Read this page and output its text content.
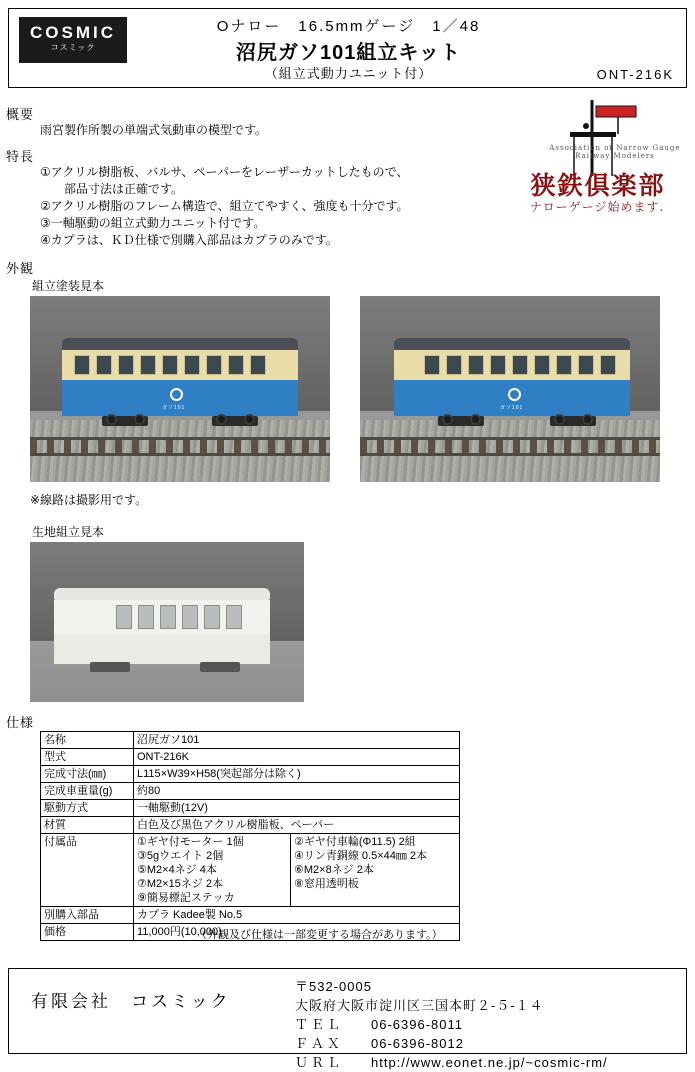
COSMIC
コスミック
Oナロー　16.5mmゲージ　1／48
沼尻ガソ101組立キット
（組立式動力ユニット付）	ONT-216K
概要
雨宮製作所製の単端式気動車の模型です。
特長
①アクリル樹脂板、バルサ、ペーパーをレーザーカットしたもので、
　　部品寸法は正確です。
②アクリル樹脂のフレーム構造で、組立てやすく、強度も十分です。
③一軸駆動の組立式動力ユニット付です。
④カプラは、ＫＤ仕様で別購入部品はカプラのみです。
Association of Narrow Gauge Railway Modelers
狭鉄倶楽部
ナローゲージ始めます.
外観
組立塗装見本
ガソ101	ガソ101
※線路は撮影用です。
生地組立見本
仕様
名称	沼尻ガソ101	
型式	ONT-216K	
完成寸法(㎜)	L115×W39×H58(突起部分は除く)	
完成車重量(g)	約80	
駆動方式	一軸駆動(12V)	
材質	白色及び黒色アクリル樹脂板、ペーパー	
付属品	①ギヤ付モーター 1個
③5gウエイト 2個
⑤M2×4ネジ 4本
⑦M2×15ネジ 2本
⑨簡易標記ステッカ

②ギヤ付車輪(Φ11.5) 2組
④リン青銅線 0.5×44㎜ 2本
⑥M2×8ネジ 2本
⑧窓用透明板

別購入部品	カプラ Kadee製 No.5	
価格	11,000円(10,000)	
（外観及び仕様は一部変更する場合があります。）
有限会社　コスミック
〒532-0005
大阪府大阪市淀川区三国本町２-５-１４
ＴＥＬ 06-6396-8011
ＦＡＸ 06-6396-8012
ＵＲＬ http://www.eonet.ne.jp/~cosmic-rm/
